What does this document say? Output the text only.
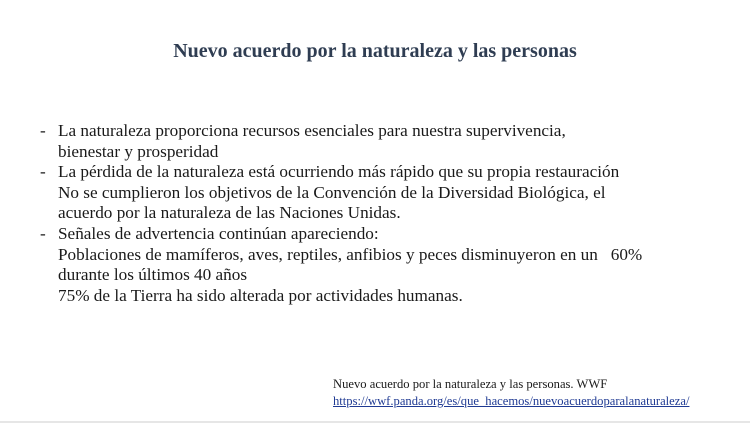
Nuevo acuerdo por la naturaleza y las personas
- La naturaleza proporciona recursos esenciales para nuestra supervivencia,
bienestar y prosperidad
- La pérdida de la naturaleza está ocurriendo más rápido que su propia restauración
No se cumplieron los objetivos de la Convención de la Diversidad Biológica, el
acuerdo por la naturaleza de las Naciones Unidas.
- Señales de advertencia continúan apareciendo:
Poblaciones de mamíferos, aves, reptiles, anfibios y peces disminuyeron en un   60%
durante los últimos 40 años
75% de la Tierra ha sido alterada por actividades humanas.
Nuevo acuerdo por la naturaleza y las personas. WWF
https://wwf.panda.org/es/que_hacemos/nuevoacuerdoparalanaturaleza/
